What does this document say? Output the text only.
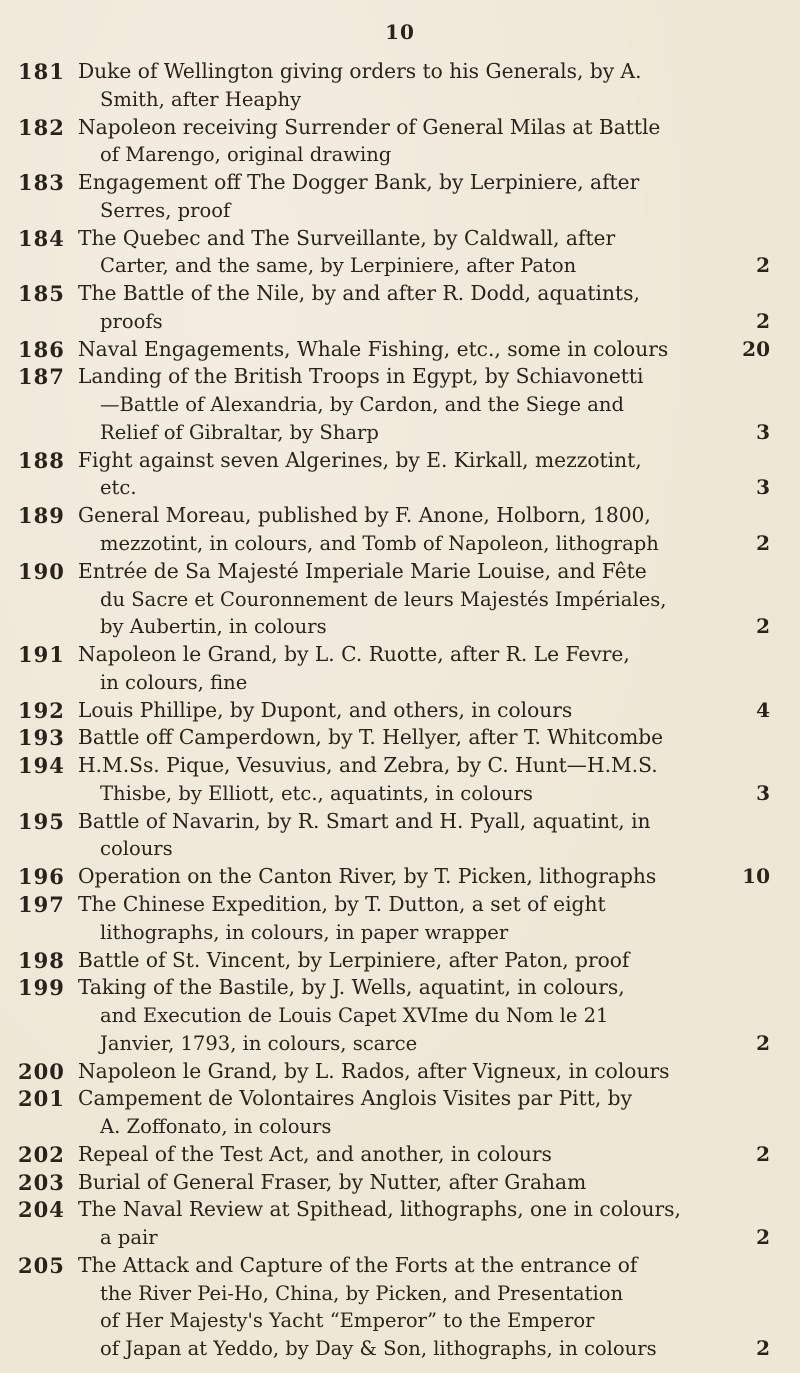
10
181 Duke of Wellington giving orders to his Generals, by A.
Smith, after Heaphy
182 Napoleon receiving Surrender of General Milas at Battle
of Marengo, original drawing
183 Engagement off The Dogger Bank, by Lerpiniere, after
Serres, proof
184 The Quebec and The Surveillante, by Caldwall, after
Carter, and the same, by Lerpiniere, after Paton	2
185 The Battle of the Nile, by and after R. Dodd, aquatints,
proofs	2
186 Naval Engagements, Whale Fishing, etc., some in colours	20
187 Landing of the British Troops in Egypt, by Schiavonetti
—Battle of Alexandria, by Cardon, and the Siege and
Relief of Gibraltar, by Sharp	3
188 Fight against seven Algerines, by E. Kirkall, mezzotint,
etc.	3
189 General Moreau, published by F. Anone, Holborn, 1800,
mezzotint, in colours, and Tomb of Napoleon, lithograph	2
190 Entrée de Sa Majesté Imperiale Marie Louise, and Fête
du Sacre et Couronnement de leurs Majestés Impériales,
by Aubertin, in colours	2
191 Napoleon le Grand, by L. C. Ruotte, after R. Le Fevre,
in colours, fine
192 Louis Phillipe, by Dupont, and others, in colours	4
193 Battle off Camperdown, by T. Hellyer, after T. Whitcombe
194 H.M.Ss. Pique, Vesuvius, and Zebra, by C. Hunt—H.M.S.
Thisbe, by Elliott, etc., aquatints, in colours	3
195 Battle of Navarin, by R. Smart and H. Pyall, aquatint, in
colours
196 Operation on the Canton River, by T. Picken, lithographs	10
197 The Chinese Expedition, by T. Dutton, a set of eight
lithographs, in colours, in paper wrapper
198 Battle of St. Vincent, by Lerpiniere, after Paton, proof
199 Taking of the Bastile, by J. Wells, aquatint, in colours,
and Execution de Louis Capet XVIme du Nom le 21
Janvier, 1793, in colours, scarce	2
200 Napoleon le Grand, by L. Rados, after Vigneux, in colours
201 Campement de Volontaires Anglois Visites par Pitt, by
A. Zoffonato, in colours
202 Repeal of the Test Act, and another, in colours	2
203 Burial of General Fraser, by Nutter, after Graham
204 The Naval Review at Spithead, lithographs, one in colours,
a pair	2
205 The Attack and Capture of the Forts at the entrance of
the River Pei-Ho, China, by Picken, and Presentation
of Her Majesty's Yacht “Emperor” to the Emperor
of Japan at Yeddo, by Day & Son, lithographs, in colours	2
